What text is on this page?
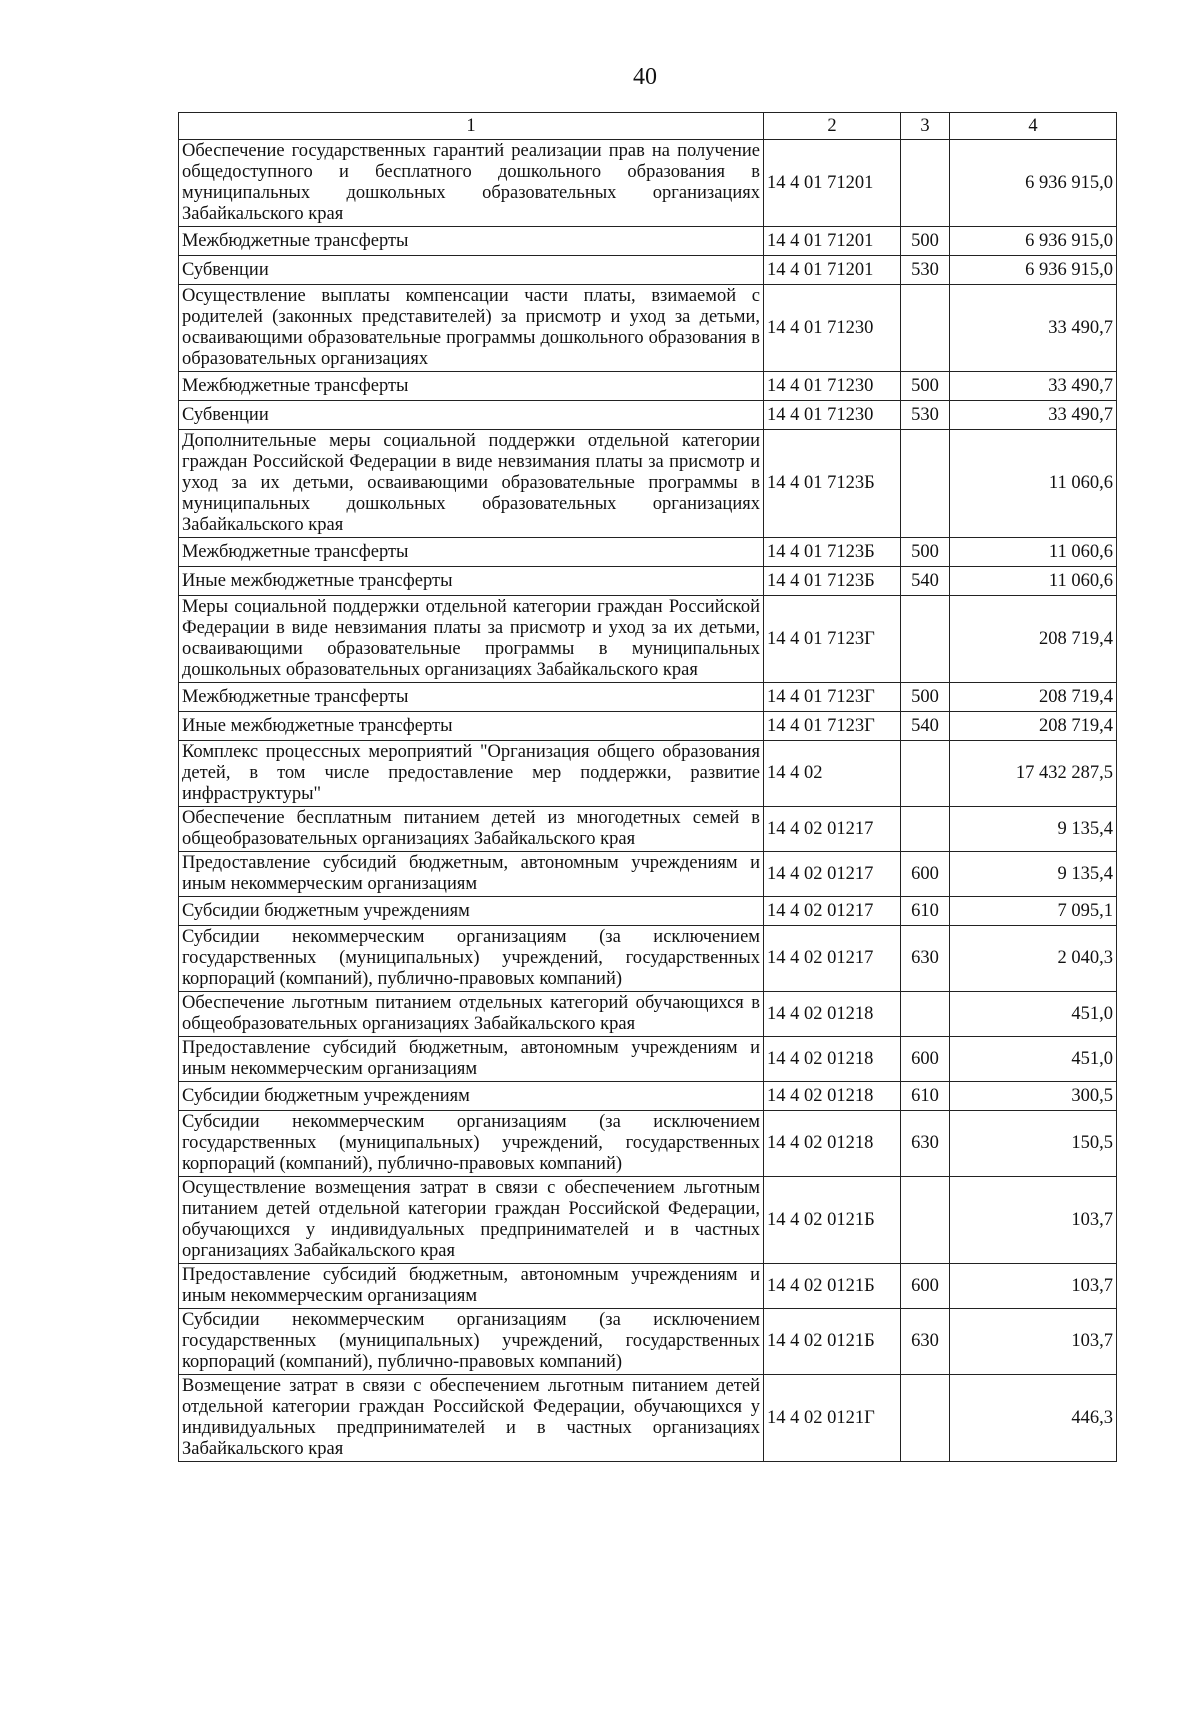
40
1	2	3	4
Обеспечение государственных гарантий реализации прав на получение общедоступного и бесплатного дошкольного образования в муниципальных дошкольных образовательных организациях Забайкальского края	14 4 01 71201		6 936 915,0
Межбюджетные трансферты	14 4 01 71201	500	6 936 915,0
Субвенции	14 4 01 71201	530	6 936 915,0
Осуществление выплаты компенсации части платы, взимаемой с родителей (законных представителей) за присмотр и уход за детьми, осваивающими образовательные программы дошкольного образования в образовательных организациях	14 4 01 71230		33 490,7
Межбюджетные трансферты	14 4 01 71230	500	33 490,7
Субвенции	14 4 01 71230	530	33 490,7
Дополнительные меры социальной поддержки отдельной категории граждан Российской Федерации в виде невзимания платы за присмотр и уход за их детьми, осваивающими образовательные программы в муниципальных дошкольных образовательных организациях Забайкальского края	14 4 01 7123Б		11 060,6
Межбюджетные трансферты	14 4 01 7123Б	500	11 060,6
Иные межбюджетные трансферты	14 4 01 7123Б	540	11 060,6
Меры социальной поддержки отдельной категории граждан Российской Федерации в виде невзимания платы за присмотр и уход за их детьми, осваивающими образовательные программы в муниципальных дошкольных образовательных организациях Забайкальского края	14 4 01 7123Г		208 719,4
Межбюджетные трансферты	14 4 01 7123Г	500	208 719,4
Иные межбюджетные трансферты	14 4 01 7123Г	540	208 719,4
Комплекс процессных мероприятий "Организация общего образования детей, в том числе предоставление мер поддержки, развитие инфраструктуры"	14 4 02		17 432 287,5
Обеспечение бесплатным питанием детей из многодетных семей в общеобразовательных организациях Забайкальского края	14 4 02 01217		9 135,4
Предоставление субсидий бюджетным, автономным учреждениям и иным некоммерческим организациям	14 4 02 01217	600	9 135,4
Субсидии бюджетным учреждениям	14 4 02 01217	610	7 095,1
Субсидии некоммерческим организациям (за исключением государственных (муниципальных) учреждений, государственных корпораций (компаний), публично-правовых компаний)	14 4 02 01217	630	2 040,3
Обеспечение льготным питанием отдельных категорий обучающихся в общеобразовательных организациях Забайкальского края	14 4 02 01218		451,0
Предоставление субсидий бюджетным, автономным учреждениям и иным некоммерческим организациям	14 4 02 01218	600	451,0
Субсидии бюджетным учреждениям	14 4 02 01218	610	300,5
Субсидии некоммерческим организациям (за исключением государственных (муниципальных) учреждений, государственных корпораций (компаний), публично-правовых компаний)	14 4 02 01218	630	150,5
Осуществление возмещения затрат в связи с обеспечением льготным питанием детей отдельной категории граждан Российской Федерации, обучающихся у индивидуальных предпринимателей и в частных организациях Забайкальского края	14 4 02 0121Б		103,7
Предоставление субсидий бюджетным, автономным учреждениям и иным некоммерческим организациям	14 4 02 0121Б	600	103,7
Субсидии некоммерческим организациям (за исключением государственных (муниципальных) учреждений, государственных корпораций (компаний), публично-правовых компаний)	14 4 02 0121Б	630	103,7
Возмещение затрат в связи с обеспечением льготным питанием детей отдельной категории граждан Российской Федерации, обучающихся у индивидуальных предпринимателей и в частных организациях Забайкальского края	14 4 02 0121Г		446,3
